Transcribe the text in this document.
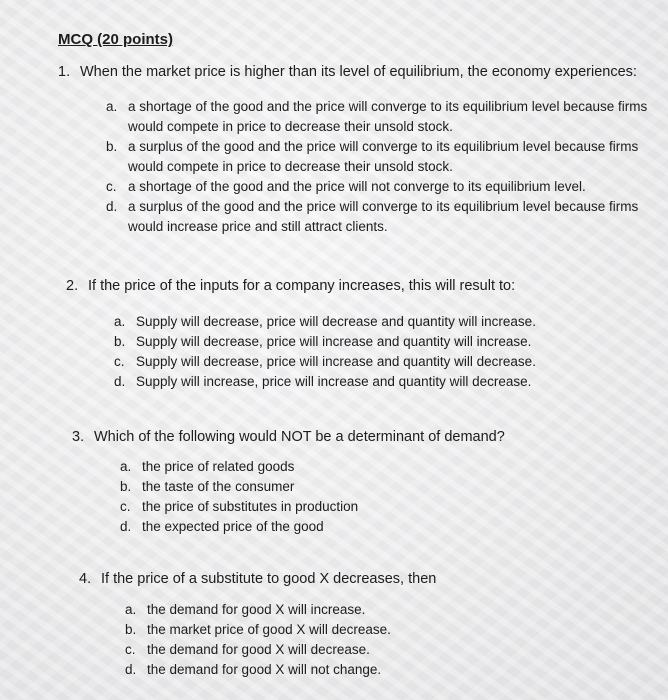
MCQ (20 points)
1. When the market price is higher than its level of equilibrium, the economy experiences:
a. a shortage of the good and the price will converge to its equilibrium level because firms would compete in price to decrease their unsold stock.
b. a surplus of the good and the price will converge to its equilibrium level because firms would compete in price to decrease their unsold stock.
c. a shortage of the good and the price will not converge to its equilibrium level.
d. a surplus of the good and the price will converge to its equilibrium level because firms would increase price and still attract clients.
2. If the price of the inputs for a company increases, this will result to:
a. Supply will decrease, price will decrease and quantity will increase.
b. Supply will decrease, price will increase and quantity will increase.
c. Supply will decrease, price will increase and quantity will decrease.
d. Supply will increase, price will increase and quantity will decrease.
3. Which of the following would NOT be a determinant of demand?
a. the price of related goods
b. the taste of the consumer
c. the price of substitutes in production
d. the expected price of the good
4. If the price of a substitute to good X decreases, then
a. the demand for good X will increase.
b. the market price of good X will decrease.
c. the demand for good X will decrease.
d. the demand for good X will not change.
